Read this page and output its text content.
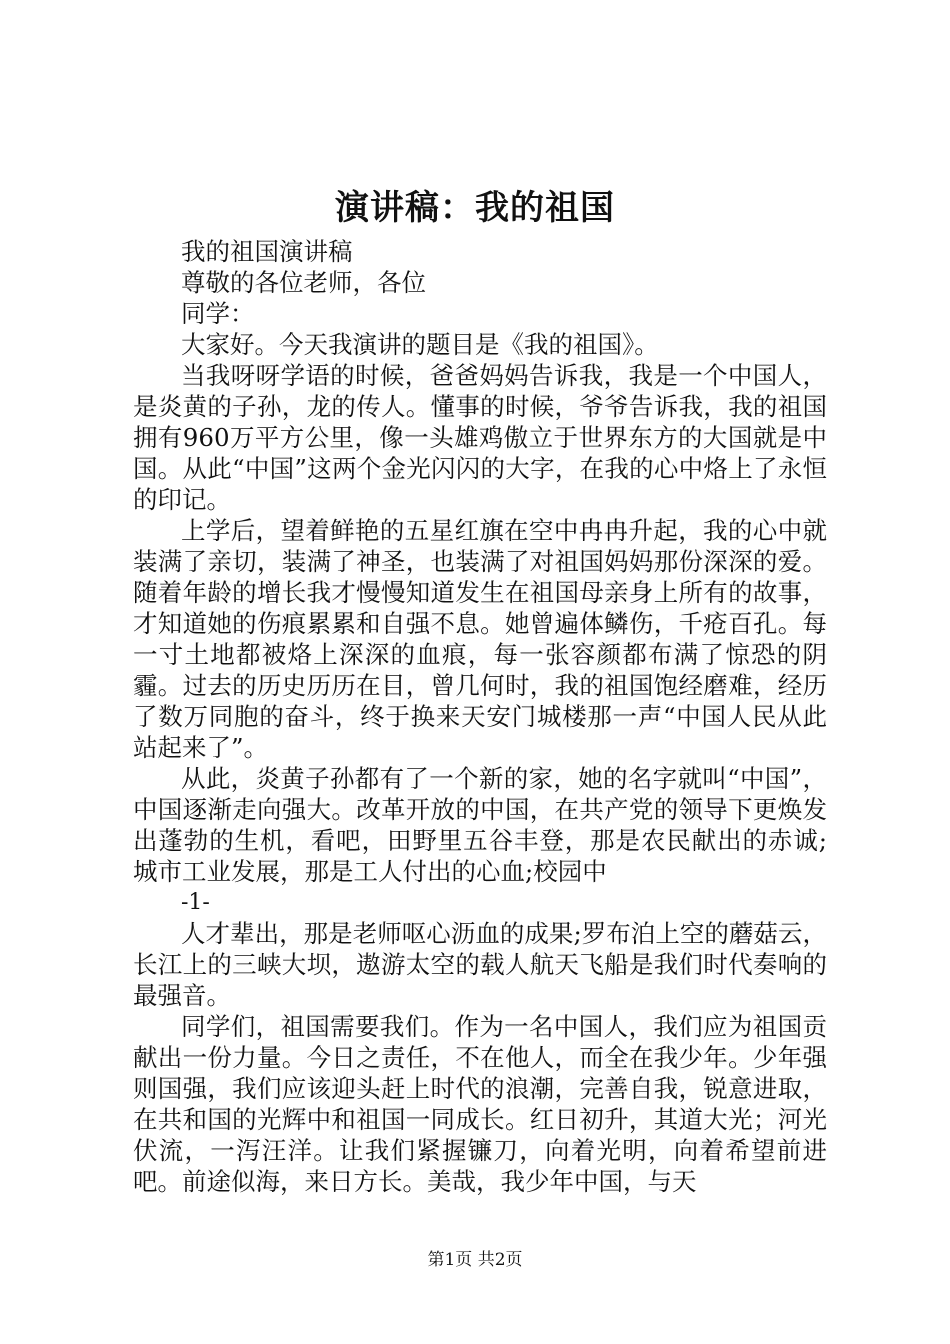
演讲稿：我的祖国

我的祖国演讲稿

尊敬的各位老师，各位

同学：

大家好。今天我演讲的题目是《我的祖国》。

当我呀呀学语的时候，爸爸妈妈告诉我，我是一个中国人，是炎黄的子孙，龙的传人。懂事的时候，爷爷告诉我，我的祖国拥有960万平方公里，像一头雄鸡傲立于世界东方的大国就是中国。从此“中国”这两个金光闪闪的大字，在我的心中烙上了永恒的印记。

上学后，望着鲜艳的五星红旗在空中冉冉升起，我的心中就装满了亲切，装满了神圣，也装满了对祖国妈妈那份深深的爱。随着年龄的增长我才慢慢知道发生在祖国母亲身上所有的故事，才知道她的伤痕累累和自强不息。她曾遍体鳞伤，千疮百孔。每一寸土地都被烙上深深的血痕，每一张容颜都布满了惊恐的阴霾。过去的历史历历在目，曾几何时，我的祖国饱经磨难，经历了数万同胞的奋斗，终于换来天安门城楼那一声“中国人民从此站起来了”。

从此，炎黄子孙都有了一个新的家，她的名字就叫“中国”，中国逐渐走向强大。改革开放的中国，在共产党的领导下更焕发出蓬勃的生机，看吧，田野里五谷丰登，那是农民献出的赤诚;城市工业发展，那是工人付出的心血;校园中

-1-

人才辈出，那是老师呕心沥血的成果;罗布泊上空的蘑菇云，长江上的三峡大坝，遨游太空的载人航天飞船是我们时代奏响的最强音。

同学们，祖国需要我们。作为一名中国人，我们应为祖国贡献出一份力量。今日之责任，不在他人，而全在我少年。少年强则国强，我们应该迎头赶上时代的浪潮，完善自我，锐意进取，在共和国的光辉中和祖国一同成长。红日初升，其道大光；河光伏流，一泻汪洋。让我们紧握镰刀，向着光明，向着希望前进吧。前途似海，来日方长。美哉，我少年中国，与天

第1页 共2页
